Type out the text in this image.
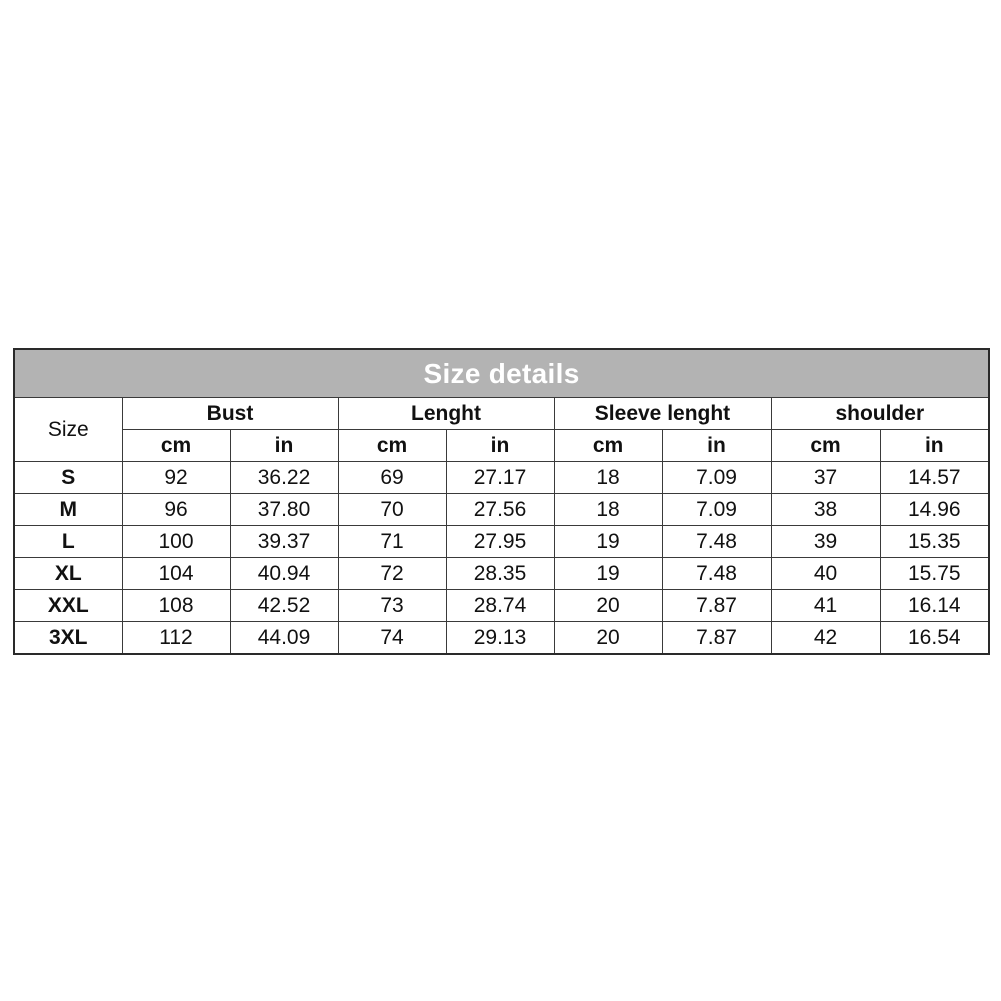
Size details								
Size	Bust		Lenght		Sleeve lenght		shoulder	
	cm	in	cm	in	cm	in	cm	in
S	92	36.22	69	27.17	18	7.09	37	14.57
M	96	37.80	70	27.56	18	7.09	38	14.96
L	100	39.37	71	27.95	19	7.48	39	15.35
XL	104	40.94	72	28.35	19	7.48	40	15.75
XXL	108	42.52	73	28.74	20	7.87	41	16.14
3XL	112	44.09	74	29.13	20	7.87	42	16.54
